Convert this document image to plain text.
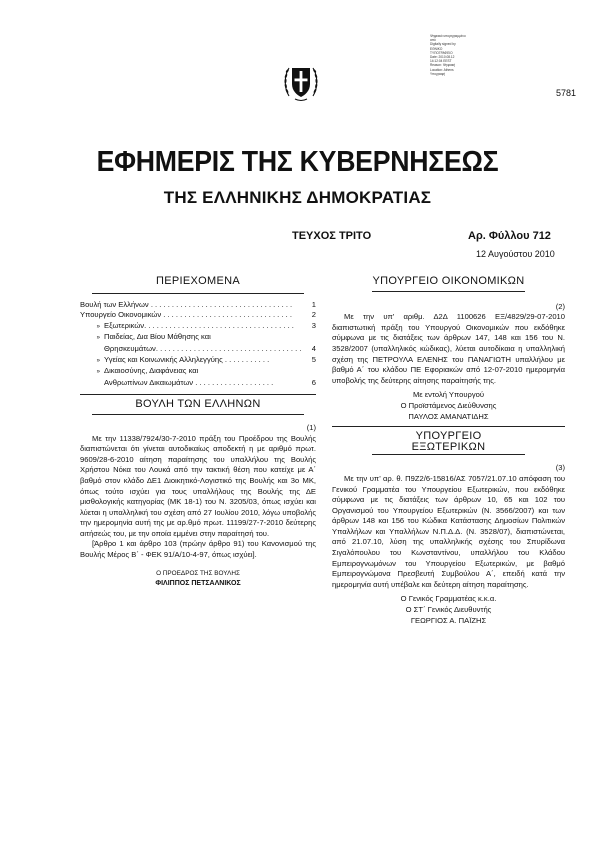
Ψηφιακά υπογεγραμμένο
από
Digitally signed by
ΕΘΝΙΚΟ
ΤΥΠΟΓΡΑΦΕΙΟ
Date: 2010.08.12
14:12:04 EEST
Reason: Ψηφιακή
Location: Athens
Υπογραφή
5781
ΕΦΗΜΕΡΙΣ ΤΗΣ ΚΥΒΕΡΝΗΣΕΩΣ
ΤΗΣ ΕΛΛΗΝΙΚΗΣ ΔΗΜΟΚΡΑΤΙΑΣ
ΤΕΥΧΟΣ ΤΡΙΤΟ	Αρ. Φύλλου 712
12 Αυγούστου 2010
ΠΕΡΙΕΧΟΜΕΝΑ
Βουλή των Ελλήνων . . . . . . . . . . . . . . . . . . . . . . . . . . . . . . . . . .	1
Υπουργείο Οικονομικών . . . . . . . . . . . . . . . . . . . . . . . . . . . . . . .	2
» Εξωτερικών. . . . . . . . . . . . . . . . . . . . . . . . . . . . . . . . . . . .	3
» Παιδείας, Δια Βίου Μάθησης και
Θρησκευμάτων. . . . . . . . . . . . . . . . . . . . . . . . . . . . . . . . . . .	4
» Υγείας και Κοινωνικής Αλληλεγγύης . . . . . . . . . . .	5
» Δικαιοσύνης, Διαφάνειας και
Ανθρωπίνων Δικαιωμάτων . . . . . . . . . . . . . . . . . . .	6
ΒΟΥΛΗ ΤΩΝ ΕΛΛΗΝΩΝ

(1)

Με την 11338/7924/30-7-2010 πράξη του Προέδρου της Βουλής διαπιστώνεται ότι γίνεται αυτοδικαίως αποδεκτή η με αριθμό πρωτ. 9609/28-6-2010 αίτηση παραίτησης του υπαλλήλου της Βουλής Χρήστου Νόκα του Λουκά από την τακτική θέση που κατείχε με Α΄ βαθμό στον κλάδο ΔΕ1 Διοικητικό-Λογιστικό της Βουλής και 3ο ΜΚ, όπως τούτο ισχύει για τους υπαλλήλους της Βουλής της ΔΕ μισθολογικής κατηγορίας (ΜΚ 18-1) του Ν. 3205/03, όπως ισχύει και λύεται η υπαλληλική του σχέση από 27 Ιουλίου 2010, λόγω υποβολής την ημερομηνία αυτή της με αρ.θμό πρωτ. 11199/27-7-2010 δεύτερης αιτήσεώς του, με την οποία εμμένει στην παραίτησή του.

[Άρθρο 1 και άρθρο 103 (πρώην άρθρο 91) του Κανονισμού της Βουλής Μέρος Β΄ - ΦΕΚ 91/Α/10-4-97, όπως ισχύει].

Ο ΠΡΟΕΔΡΟΣ ΤΗΣ ΒΟΥΛΗΣ

ΦΙΛΙΠΠΟΣ ΠΕΤΣΑΛΝΙΚΟΣ

ΥΠΟΥΡΓΕΙΟ ΟΙΚΟΝΟΜΙΚΩΝ

(2)

Με την υπ’ αριθμ. Δ2Δ 1100626 ΕΞ/4829/29-07-2010 διαπιστωτική πράξη του Υπουργού Οικονομικών που εκδόθηκε σύμφωνα με τις διατάξεις των άρθρων 147, 148 και 156 του Ν. 3528/2007 (υπαλληλικός κώδικας), λύεται αυτοδίκαια η υπαλληλική σχέση της ΠΕΤΡΟΥΛΑ ΕΛΕΝΗΣ του ΠΑΝΑΓΙΩΤΗ υπαλλήλου με βαθμό Α΄ του κλάδου ΠΕ Εφοριακών από 12-07-2010 ημερομηνία υποβολής της δεύτερης αίτησης παραίτησής της.

Με εντολή Υπουργού

Ο Προϊστάμενος Διεύθυνσης

ΠΑΥΛΟΣ ΑΜΑΝΑΤΙΔΗΣ

ΥΠΟΥΡΓΕΙΟ
ΕΞΩΤΕΡΙΚΩΝ

(3)

Με την υπ’ αρ. θ. Π9Ζ2/6-15816/ΑΣ 7057/21.07.10 απόφαση του Γενικού Γραμματέα του Υπουργείου Εξωτερικών, που εκδόθηκε σύμφωνα με τις διατάξεις των άρθρων 10, 65 και 102 του Οργανισμού του Υπουργείου Εξωτερικών (Ν. 3566/2007) και των άρθρων 148 και 156 του Κώδικα Κατάστασης Δημοσίων Πολιτικών Υπαλλήλων και Υπαλλήλων Ν.Π.Δ.Δ. (Ν. 3528/07), διαπιστώνεται, από 21.07.10, λύση της υπαλληλικής σχέσης του Σπυρίδωνα Σιγαλόπουλου του Κωνσταντίνου, υπαλλήλου του Κλάδου Εμπειρογνωμόνων του Υπουργείου Εξωτερικών, με βαθμό Εμπειρογνώμονα Πρεσβευτή Συμβούλου Α΄, επειδή κατά την ημερομηνία αυτή υπέβαλε και δεύτερη αίτηση παραίτησης.

Ο Γενικός Γραμματέας κ.κ.α.

Ο ΣΤ΄ Γενικός Διευθυντής

ΓΕΩΡΓΙΟΣ Α. ΠΑΪΖΗΣ
